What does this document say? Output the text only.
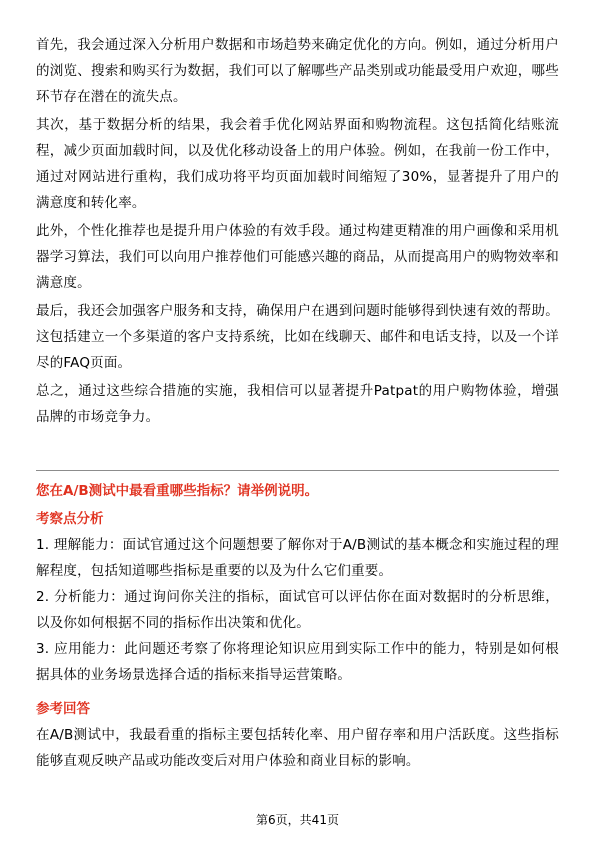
首先，我会通过深入分析用户数据和市场趋势来确定优化的方向。例如，通过分析用户的浏览、搜索和购买行为数据，我们可以了解哪些产品类别或功能最受用户欢迎，哪些环节存在潜在的流失点。

其次，基于数据分析的结果，我会着手优化网站界面和购物流程。这包括简化结账流程，减少页面加载时间，以及优化移动设备上的用户体验。例如，在我前一份工作中，通过对网站进行重构，我们成功将平均页面加载时间缩短了30%，显著提升了用户的满意度和转化率。

此外，个性化推荐也是提升用户体验的有效手段。通过构建更精准的用户画像和采用机器学习算法，我们可以向用户推荐他们可能感兴趣的商品，从而提高用户的购物效率和满意度。

最后，我还会加强客户服务和支持，确保用户在遇到问题时能够得到快速有效的帮助。这包括建立一个多渠道的客户支持系统，比如在线聊天、邮件和电话支持，以及一个详尽的FAQ页面。

总之，通过这些综合措施的实施，我相信可以显著提升Patpat的用户购物体验，增强品牌的市场竞争力。

您在A/B测试中最看重哪些指标？请举例说明。
考察点分析

1. 理解能力：面试官通过这个问题想要了解你对于A/B测试的基本概念和实施过程的理解程度，包括知道哪些指标是重要的以及为什么它们重要。

2. 分析能力：通过询问你关注的指标，面试官可以评估你在面对数据时的分析思维，以及你如何根据不同的指标作出决策和优化。

3. 应用能力：此问题还考察了你将理论知识应用到实际工作中的能力，特别是如何根据具体的业务场景选择合适的指标来指导运营策略。

参考回答

在A/B测试中，我最看重的指标主要包括转化率、用户留存率和用户活跃度。这些指标能够直观反映产品或功能改变后对用户体验和商业目标的影响。

第6页，共41页
